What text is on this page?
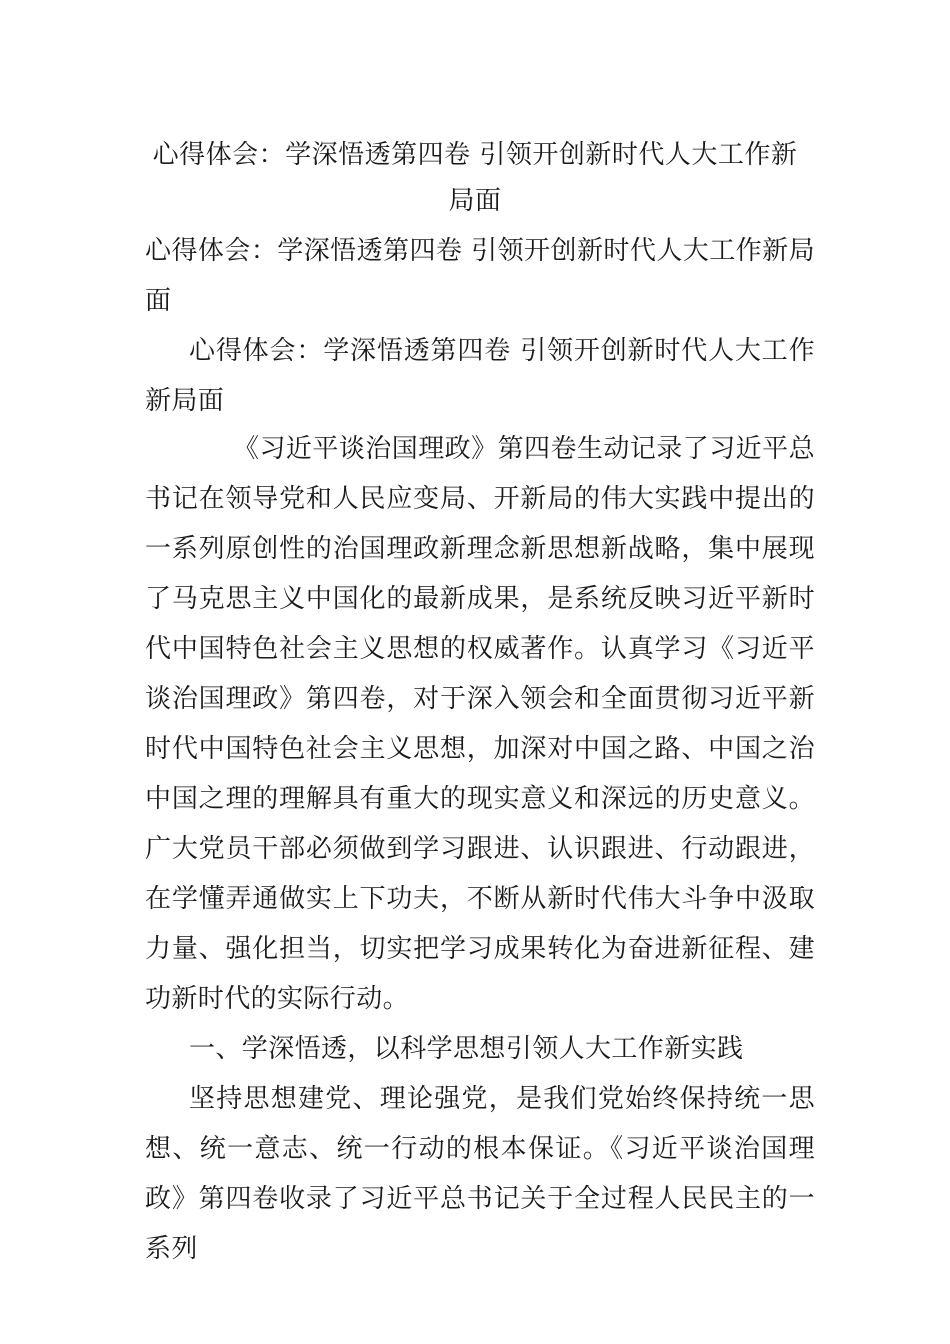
心得体会：学深悟透第四卷 引领开创新时代人大工作新局面
心得体会：学深悟透第四卷 引领开创新时代人大工作新局面
心得体会：学深悟透第四卷 引领开创新时代人大工作新局面
《习近平谈治国理政》第四卷生动记录了习近平总书记在领导党和人民应变局、开新局的伟大实践中提出的一系列原创性的治国理政新理念新思想新战略，集中展现了马克思主义中国化的最新成果，是系统反映习近平新时代中国特色社会主义思想的权威著作。认真学习《习近平谈治国理政》第四卷，对于深入领会和全面贯彻习近平新时代中国特色社会主义思想，加深对中国之路、中国之治中国之理的理解具有重大的现实意义和深远的历史意义。广大党员干部必须做到学习跟进、认识跟进、行动跟进，在学懂弄通做实上下功夫，不断从新时代伟大斗争中汲取力量、强化担当，切实把学习成果转化为奋进新征程、建功新时代的实际行动。
一、学深悟透，以科学思想引领人大工作新实践
坚持思想建党、理论强党，是我们党始终保持统一思想、统一意志、统一行动的根本保证。《习近平谈治国理政》第四卷收录了习近平总书记关于全过程人民民主的一系列
